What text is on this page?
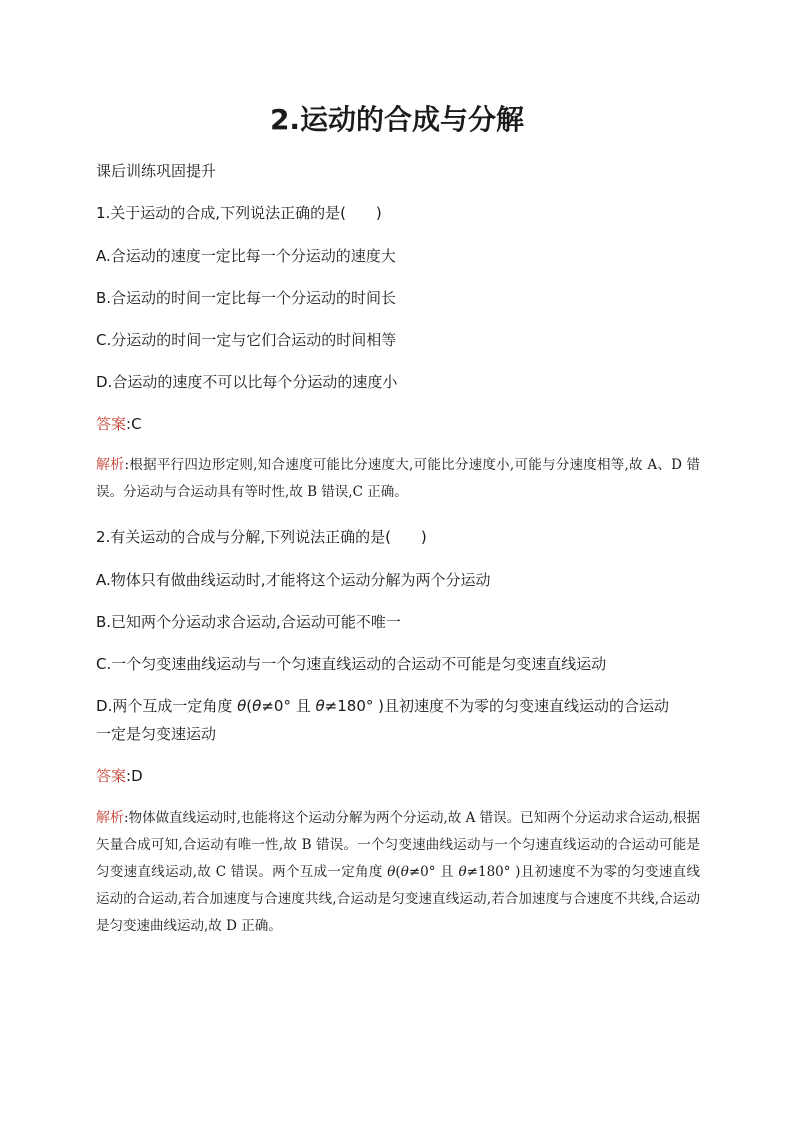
2.运动的合成与分解
课后训练巩固提升
1.关于运动的合成,下列说法正确的是(　　)
A.合运动的速度一定比每一个分运动的速度大
B.合运动的时间一定比每一个分运动的时间长
C.分运动的时间一定与它们合运动的时间相等
D.合运动的速度不可以比每个分运动的速度小
答案:C
解析:根据平行四边形定则,知合速度可能比分速度大,可能比分速度小,可能与分速度相等,故 A、D 错误。分运动与合运动具有等时性,故 B 错误,C 正确。
2.有关运动的合成与分解,下列说法正确的是(　　)
A.物体只有做曲线运动时,才能将这个运动分解为两个分运动
B.已知两个分运动求合运动,合运动可能不唯一
C.一个匀变速曲线运动与一个匀速直线运动的合运动不可能是匀变速直线运动
D.两个互成一定角度 θ(θ≠0° 且 θ≠180° )且初速度不为零的匀变速直线运动的合运动
一定是匀变速运动
答案:D
解析:物体做直线运动时,也能将这个运动分解为两个分运动,故 A 错误。已知两个分运动求合运动,根据矢量合成可知,合运动有唯一性,故 B 错误。一个匀变速曲线运动与一个匀速直线运动的合运动可能是匀变速直线运动,故 C 错误。两个互成一定角度 θ(θ≠0° 且 θ≠180° )且初速度不为零的匀变速直线运动的合运动,若合加速度与合速度共线,合运动是匀变速直线运动,若合加速度与合速度不共线,合运动是匀变速曲线运动,故 D 正确。
